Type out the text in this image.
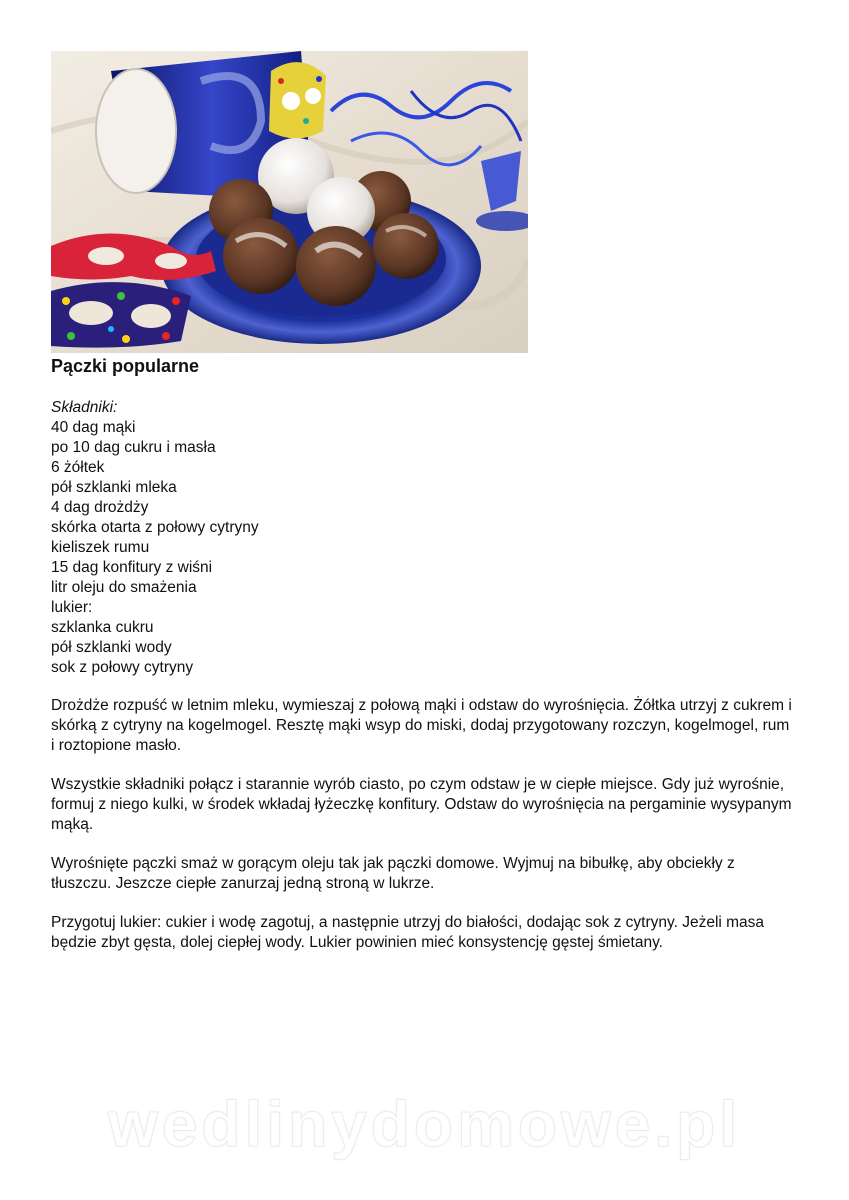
Pączki popularne
Składniki:
40 dag mąki
po 10 dag cukru i masła
6 żółtek
pół szklanki mleka
4 dag drożdży
skórka otarta z połowy cytryny
kieliszek rumu
15 dag konfitury z wiśni
litr oleju do smażenia
lukier:
szklanka cukru
pół szklanki wody
sok z połowy cytryny

Drożdże rozpuść w letnim mleku, wymieszaj z połową mąki i odstaw do wyrośnięcia. Żółtka utrzyj z cukrem i skórką z cytryny na kogelmogel. Resztę mąki wsyp do miski, dodaj przygotowany rozczyn, kogelmogel, rum i roztopione masło.

Wszystkie składniki połącz i starannie wyrób ciasto, po czym odstaw je w ciepłe miejsce. Gdy już wyrośnie, formuj z niego kulki, w środek wkładaj łyżeczkę konfitury. Odstaw do wyrośnięcia na pergaminie wysypanym mąką.

Wyrośnięte pączki smaż w gorącym oleju tak jak pączki domowe. Wyjmuj na bibułkę, aby obciekły z tłuszczu. Jeszcze ciepłe zanurzaj jedną stroną w lukrze.

Przygotuj lukier: cukier i wodę zagotuj, a następnie utrzyj do białości, dodając sok z cytryny. Jeżeli masa będzie zbyt gęsta, dolej ciepłej wody. Lukier powinien mieć konsystencję gęstej śmietany.

wedlinydomowe.pl
